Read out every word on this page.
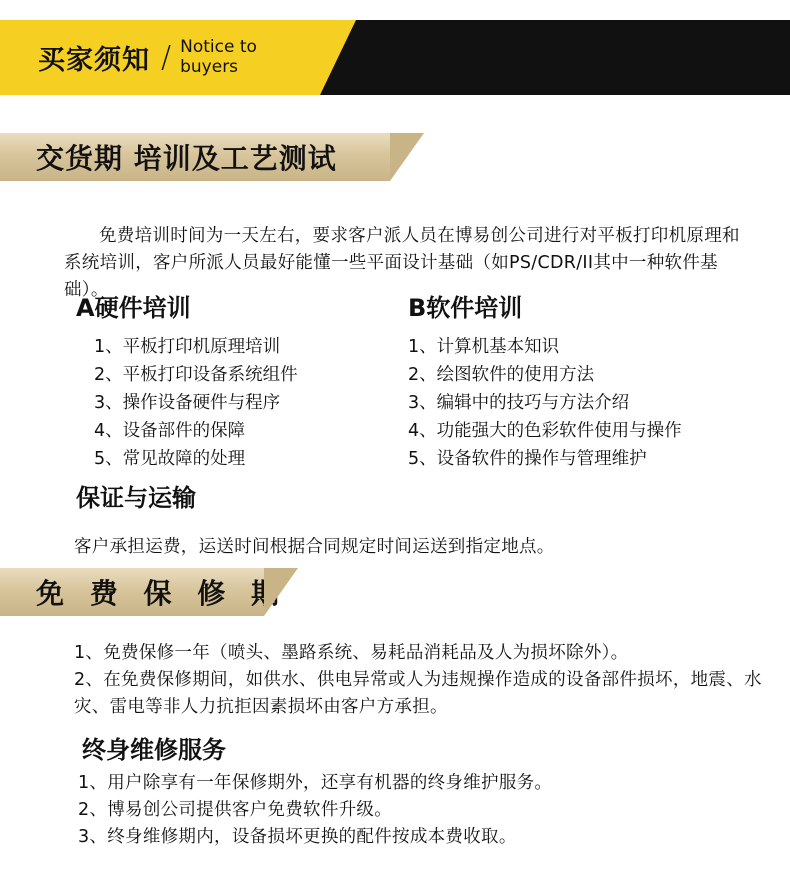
买家须知 / Notice to
buyers
交货期 培训及工艺测试

免费培训时间为一天左右，要求客户派人员在博易创公司进行对平板打印机原理和系统培训，客户所派人员最好能懂一些平面设计基础（如PS/CDR/II其中一种软件基础）。

A硬件培训
1、平板打印机原理培训
2、平板打印设备系统组件
3、操作设备硬件与程序
4、设备部件的保障
5、常见故障的处理
B软件培训
1、计算机基本知识
2、绘图软件的使用方法
3、编辑中的技巧与方法介绍
4、功能强大的色彩软件使用与操作
5、设备软件的操作与管理维护
保证与运输

客户承担运费，运送时间根据合同规定时间运送到指定地点。

免 费 保 修 期

1、免费保修一年（喷头、墨路系统、易耗品消耗品及人为损坏除外）。

2、在免费保修期间，如供水、供电异常或人为违规操作造成的设备部件损坏，地震、水灾、雷电等非人力抗拒因素损坏由客户方承担。

终身维修服务

1、用户除享有一年保修期外，还享有机器的终身维护服务。

2、博易创公司提供客户免费软件升级。

3、终身维修期内，设备损坏更换的配件按成本费收取。
